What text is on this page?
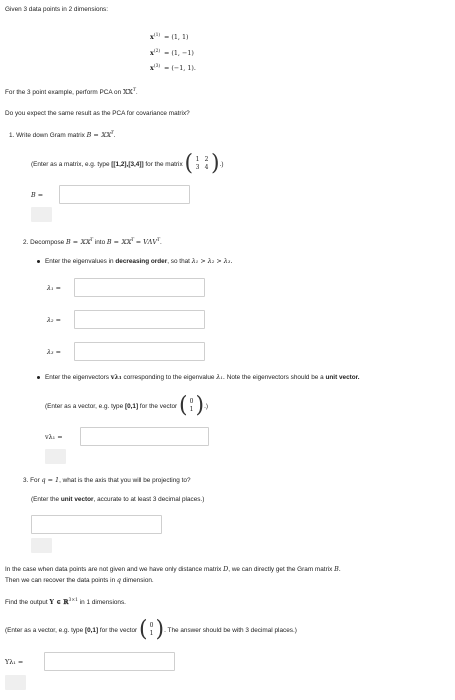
Given 3 data points in 2 dimensions:
$x^{(1)} = (1$, 1)
$x^{(2)} = (1$, −1)
$x^{(3)} = (-1$, 1).
For the 3 point example, perform PCA on 𝕏𝕏$^T$.
Do you expect the same result as the PCA for covariance matrix?
1. Write down Gram matrix B = 𝕏𝕏$^T$.
(Enter as a matrix, e.g. type [[1,2],[3,4]] for the matrix ( 1 2
3 4 ).)
B =
2. Decompose B = 𝕏𝕏$^T$ into B = 𝕏𝕏$^T$ = $V\Lambda V^T$.
Enter the eigenvalues in decreasing order, so that λ₁ > λ₂ > λ₃.
λ₁ =
λ₂ =
λ₃ =
Enter the eigenvectors vλ₁ corresponding to the eigenvalue λ₁. Note the eigenvectors should be a unit vector.
(Enter as a vector, e.g. type [0,1] for the vector ( 0
1 ).)
vλ₁ =
3. For q = 1, what is the axis that you will be projecting to?
(Enter the unit vector, accurate to at least 3 decimal places.)
In the case when data points are not given and we have only distance matrix D, we can directly get the Gram matrix B.
Then we can recover the data points in q dimension.
Find the output Y ∈ ℝ$^{3\times 1}$ in 1 dimensions.
(Enter as a vector, e.g. type [0,1] for the vector ( 0
1 ). The answer should be with 3 decimal places.)
Yλ₁ =
